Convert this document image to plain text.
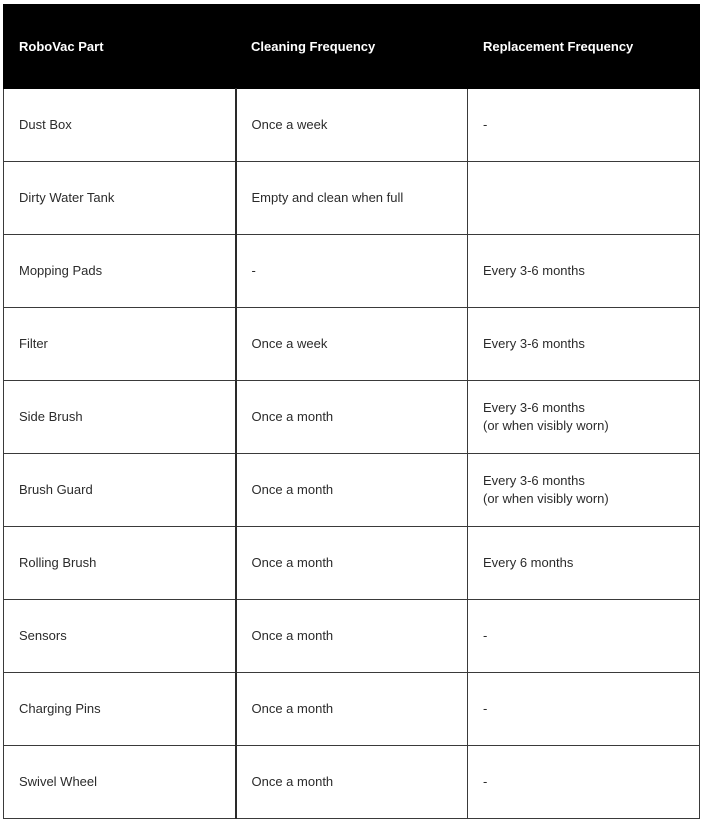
RoboVac Part	Cleaning Frequency	Replacement Frequency
Dust Box	Once a week	-
Dirty Water Tank	Empty and clean when full	
Mopping Pads	-	Every 3-6 months
Filter	Once a week	Every 3-6 months
Side Brush	Once a month	Every 3-6 months
(or when visibly worn)
Brush Guard	Once a month	Every 3-6 months
(or when visibly worn)
Rolling Brush	Once a month	Every 6 months
Sensors	Once a month	-
Charging Pins	Once a month	-
Swivel Wheel	Once a month	-
